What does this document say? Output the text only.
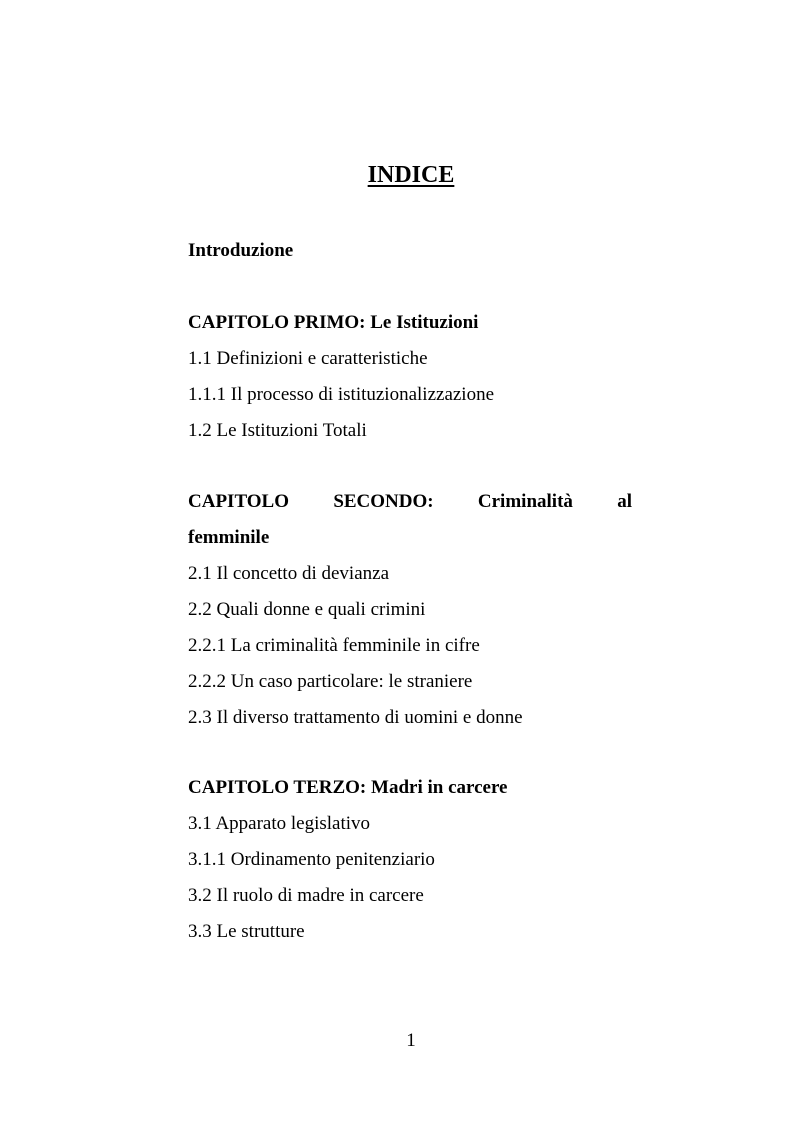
INDICE
Introduzione
CAPITOLO PRIMO: Le Istituzioni
1.1 Definizioni e caratteristiche
1.1.1 Il processo di istituzionalizzazione
1.2 Le Istituzioni Totali
CAPITOLO SECONDO: Criminalità al
femminile
2.1 Il concetto di devianza
2.2 Quali donne e quali crimini
2.2.1 La criminalità femminile in cifre
2.2.2 Un caso particolare: le straniere
2.3 Il diverso trattamento di uomini e donne
CAPITOLO TERZO: Madri in carcere
3.1 Apparato legislativo
3.1.1 Ordinamento penitenziario
3.2 Il ruolo di madre in carcere
3.3 Le strutture
1
